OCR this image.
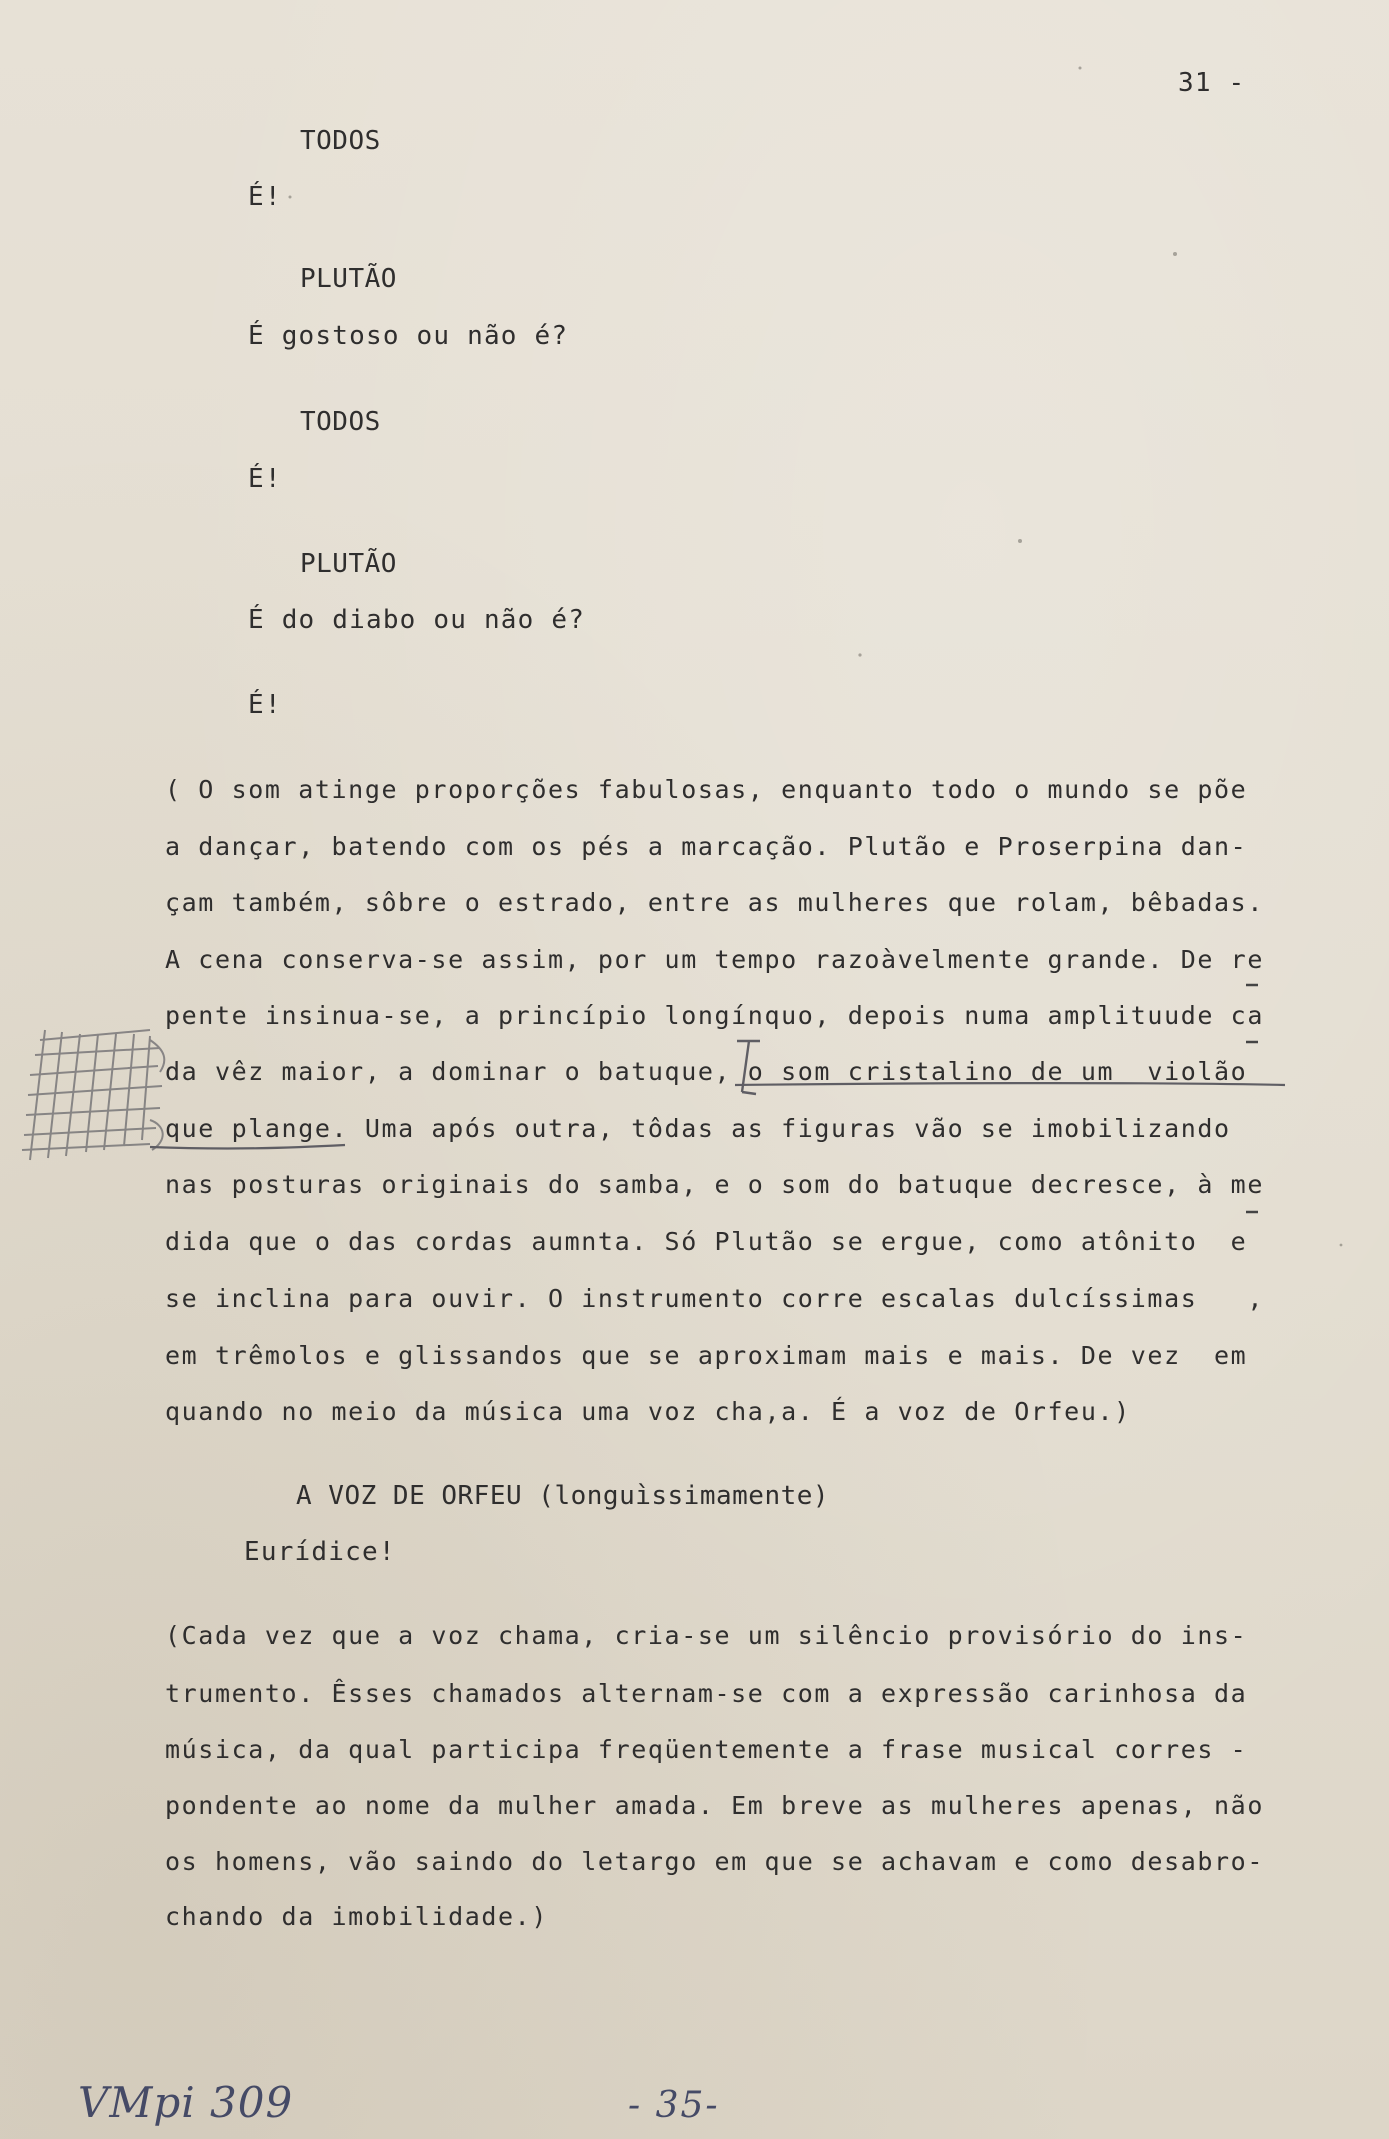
31 -
TODOS
É!
PLUTÃO
É gostoso ou não é?
TODOS
É!
PLUTÃO
É do diabo ou não é?
É!
( O som atinge proporções fabulosas, enquanto todo o mundo se põe
a dançar, batendo com os pés a marcação. Plutão e Proserpina dan-
çam também, sôbre o estrado, entre as mulheres que rolam, bêbadas.
A cena conserva-se assim, por um tempo razoàvelmente grande. De re
pente insinua-se, a princípio longínquo, depois numa amplituude ca
da vêz maior, a dominar o batuque, o som cristalino de um  violão
que plange. Uma após outra, tôdas as figuras vão se imobilizando
nas posturas originais do samba, e o som do batuque decresce, à me
dida que o das cordas aumnta. Só Plutão se ergue, como atônito  e
se inclina para ouvir. O instrumento corre escalas dulcíssimas   ,
em trêmolos e glissandos que se aproximam mais e mais. De vez  em
quando no meio da música uma voz cha,a. É a voz de Orfeu.)
A VOZ DE ORFEU (longuìssimamente)
Eurídice!
(Cada vez que a voz chama, cria-se um silêncio provisório do ins-
trumento. Êsses chamados alternam-se com a expressão carinhosa da
música, da qual participa freqüentemente a frase musical corres -
pondente ao nome da mulher amada. Em breve as mulheres apenas, não
os homens, vão saindo do letargo em que se achavam e como desabro-
chando da imobilidade.)
- 35-
VMpi 309
